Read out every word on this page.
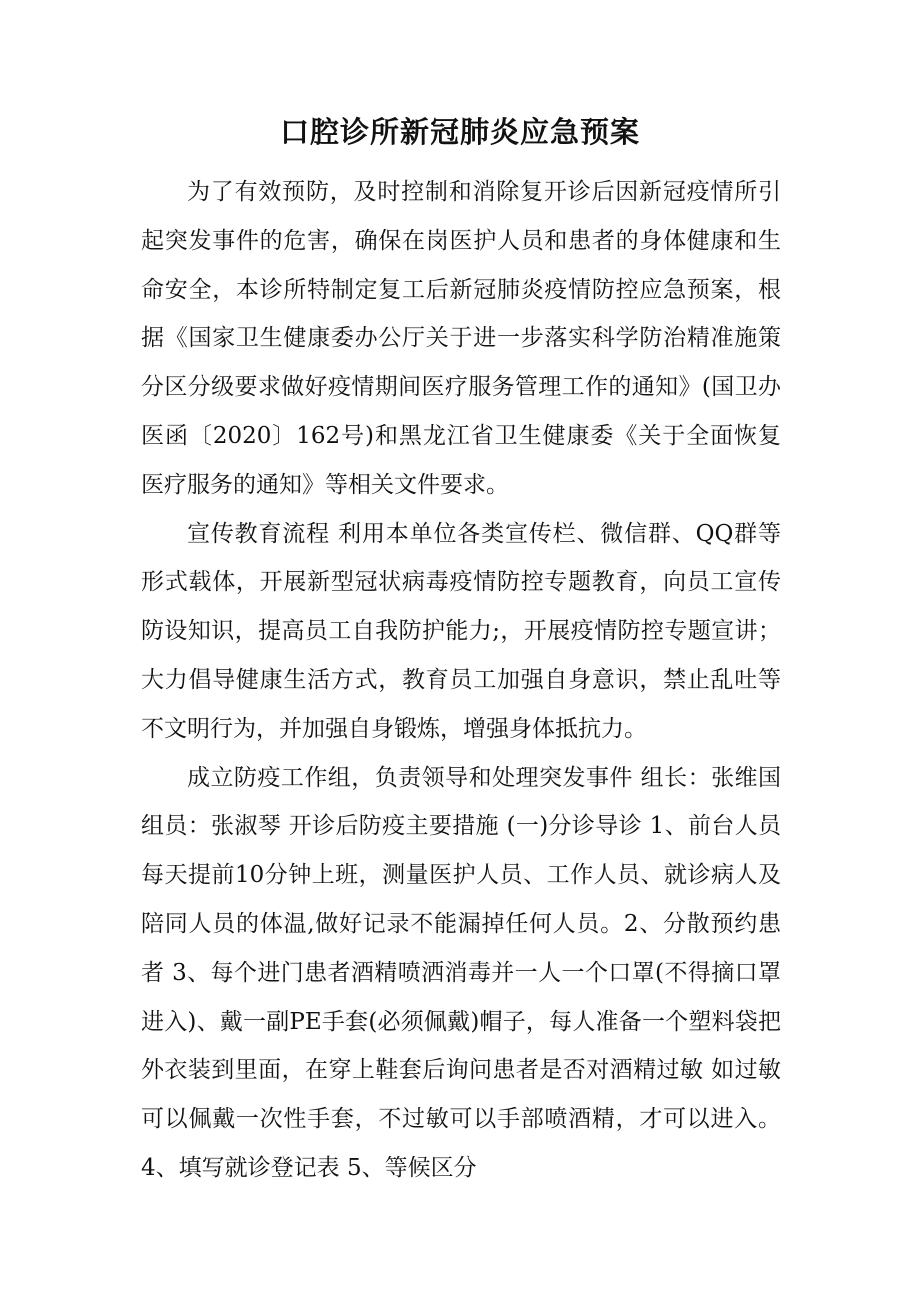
口腔诊所新冠肺炎应急预案

为了有效预防，及时控制和消除复开诊后因新冠疫情所引起突发事件的危害，确保在岗医护人员和患者的身体健康和生命安全，本诊所特制定复工后新冠肺炎疫情防控应急预案，根据《国家卫生健康委办公厅关于进一步落实科学防治精准施策分区分级要求做好疫情期间医疗服务管理工作的通知》(国卫办医函〔2020〕162号)和黑龙江省卫生健康委《关于全面恢复医疗服务的通知》等相关文件要求。

宣传教育流程 利用本单位各类宣传栏、微信群、QQ群等形式载体，开展新型冠状病毒疫情防控专题教育，向员工宣传防设知识，提高员工自我防护能力;，开展疫情防控专题宣讲；大力倡导健康生活方式，教育员工加强自身意识，禁止乱吐等不文明行为，并加强自身锻炼，增强身体抵抗力。

成立防疫工作组，负责领导和处理突发事件 组长：张维国 组员：张淑琴 开诊后防疫主要措施 (一)分诊导诊 1、前台人员每天提前10分钟上班，测量医护人员、工作人员、就诊病人及陪同人员的体温,做好记录不能漏掉任何人员。2、分散预约患者 3、每个进门患者酒精喷洒消毒并一人一个口罩(不得摘口罩进入)、戴一副PE手套(必须佩戴)帽子，每人准备一个塑料袋把外衣装到里面，在穿上鞋套后询问患者是否对酒精过敏 如过敏可以佩戴一次性手套，不过敏可以手部喷酒精，才可以进入。4、填写就诊登记表 5、等候区分
